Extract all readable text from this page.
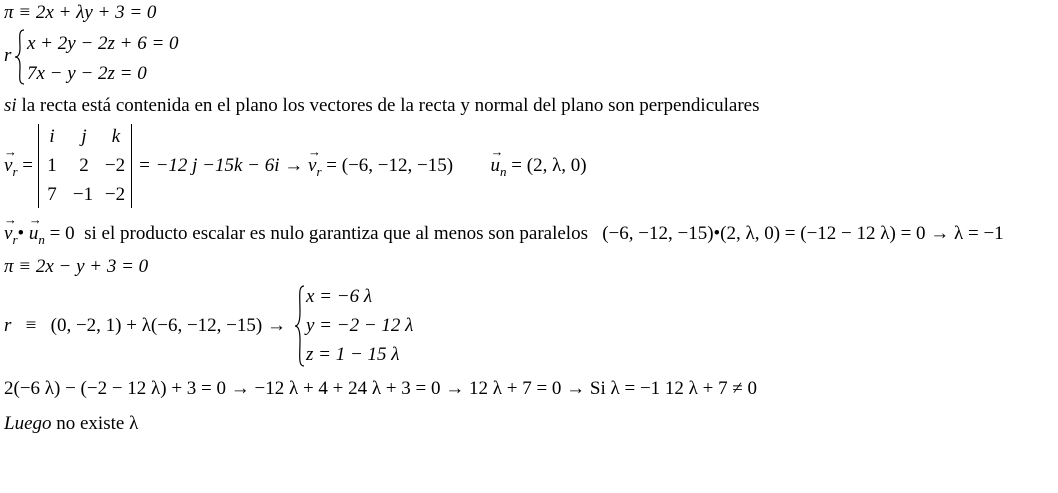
π ≡ 2x + λy + 3 = 0
r
x + 2y − 2z + 6 = 0
7x − y − 2z = 0
si la recta está contenida en el plano los vectores de la recta y normal del plano son perpendiculares
→ $v_r$ =
i	j	k
1	2 −2
7 −1 −2
= −12 j −15k − 6i → → $v_r = (-6$, −12, $-15) \to u_n = (2$, λ, 0)
→ $v_r• \to u_n = 0$ si el producto escalar es nulo garantiza que al menos son paralelos (−6, −12, −15)•(2, λ, 0) = (−12 − 12 λ) = 0 → λ = −1
π ≡ 2x − y + 3 = 0
r ≡ (0, −2, 1) + λ(−6, −12, −15) →
x = −6 λ
y = −2 − 12 λ
z = 1 − 15 λ
2(−6 λ) − (−2 − 12 λ) + 3 = 0 → −12 λ + 4 + 24 λ + 3 = 0 → 12 λ + 7 = 0 → Si λ = −1 12 λ + 7 ≠ 0
Luego no existe λ
